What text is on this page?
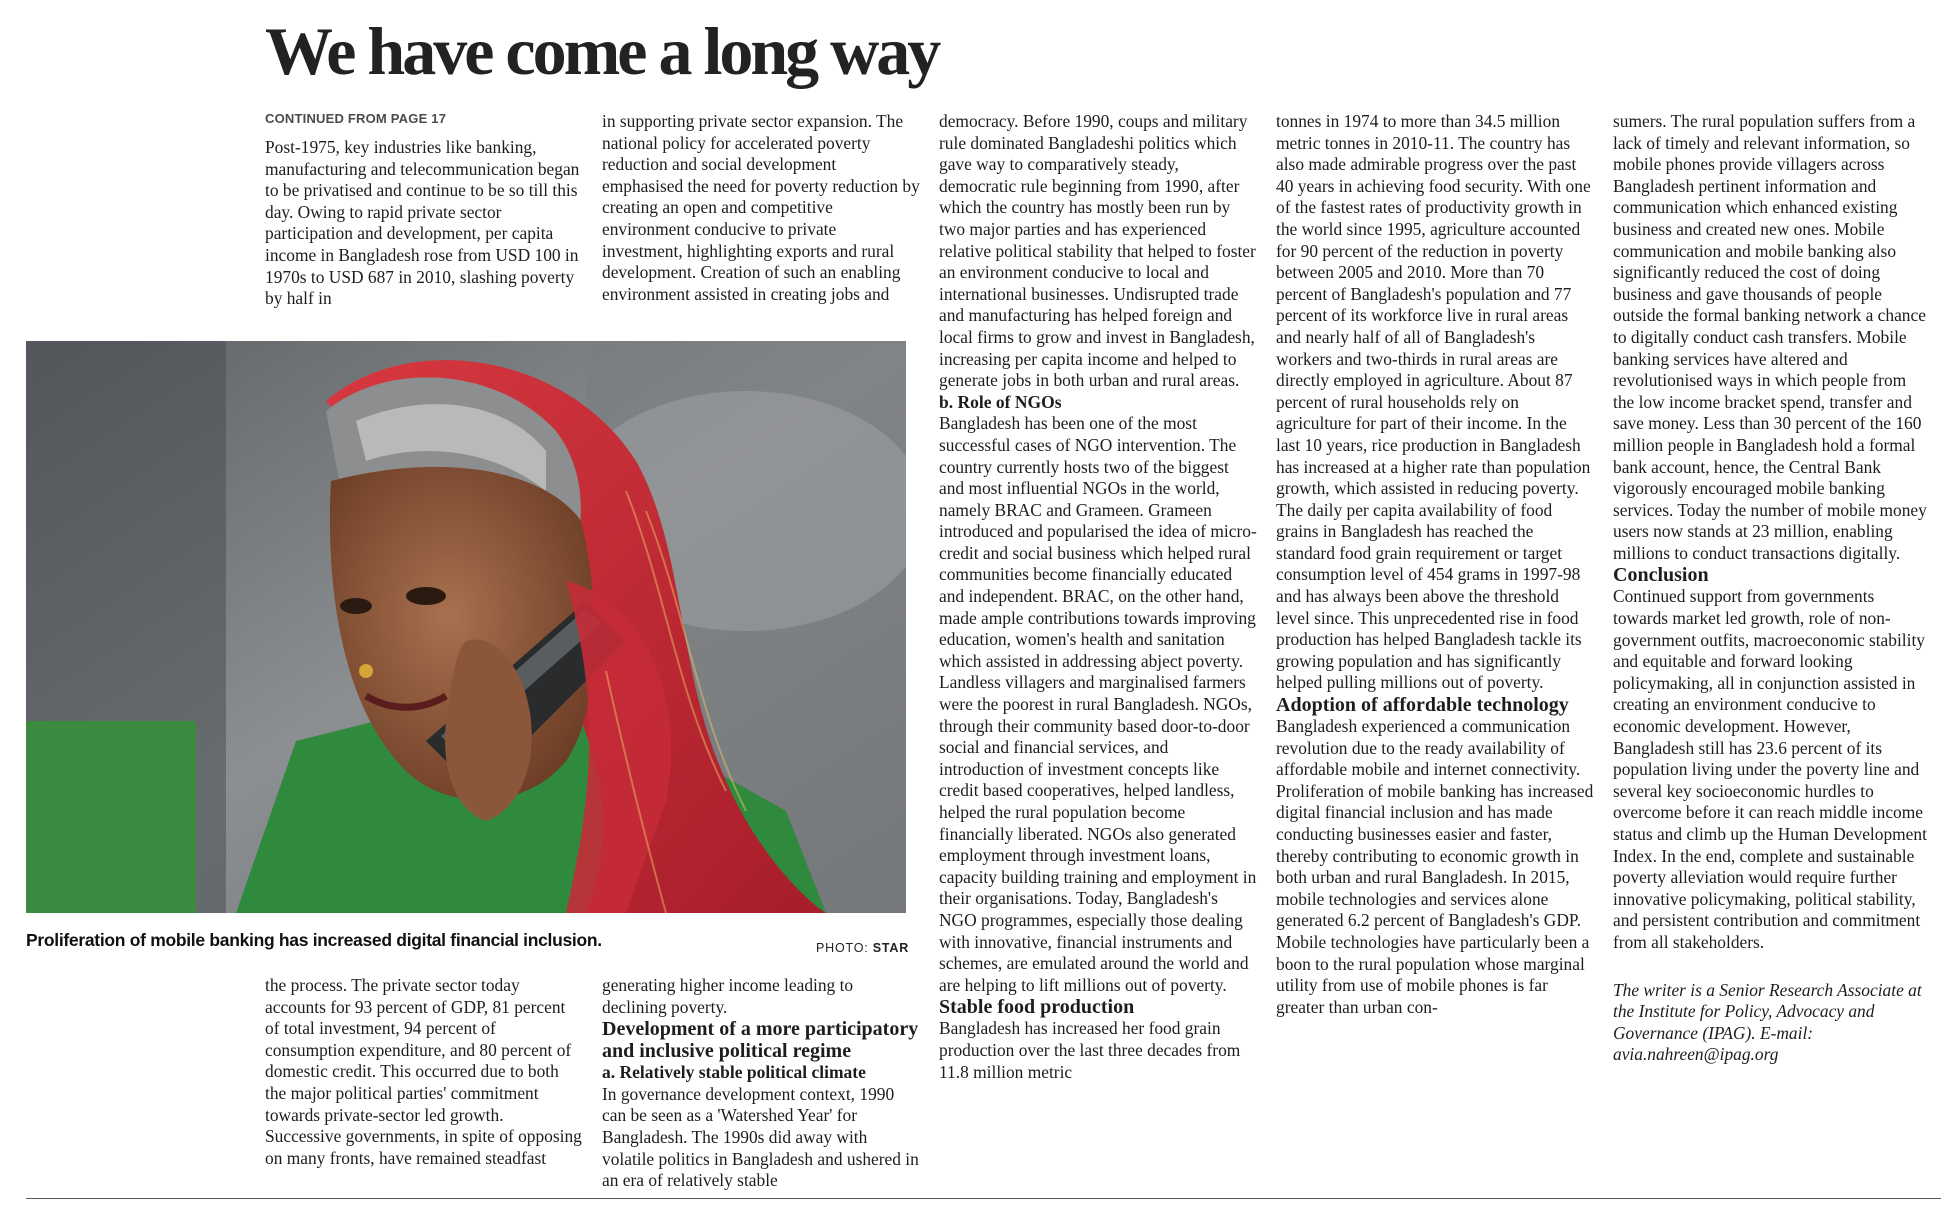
We have come a long way

CONTINUED FROM PAGE 17

Post-1975, key industries like banking, manufacturing and telecommunication began to be privatised and continue to be so till this day. Owing to rapid private sector participation and development, per capita income in Bangladesh rose from USD 100 in 1970s to USD 687 in 2010, slashing poverty by half in

in supporting private sector expansion. The national policy for accelerated poverty reduction and social development emphasised the need for poverty reduction by creating an open and competitive environment conducive to private investment, highlighting exports and rural development. Creation of such an enabling environment assisted in creating jobs and

Proliferation of mobile banking has increased digital financial inclusion.	PHOTO: STAR

the process. The private sector today accounts for 93 percent of GDP, 81 percent of total investment, 94 percent of consumption expenditure, and 80 percent of domestic credit. This occurred due to both the major political parties' commitment towards private-sector led growth. Successive governments, in spite of opposing on many fronts, have remained steadfast

generating higher income leading to declining poverty.

Development of a more participatory and inclusive political regime

a. Relatively stable political climate

In governance development context, 1990 can be seen as a 'Watershed Year' for Bangladesh. The 1990s did away with volatile politics in Bangladesh and ushered in an era of relatively stable

democracy. Before 1990, coups and military rule dominated Bangladeshi politics which gave way to comparatively steady, democratic rule beginning from 1990, after which the country has mostly been run by two major parties and has experienced relative political stability that helped to foster an environment conducive to local and international businesses. Undisrupted trade and manufacturing has helped foreign and local firms to grow and invest in Bangladesh, increasing per capita income and helped to generate jobs in both urban and rural areas.

b. Role of NGOs

Bangladesh has been one of the most successful cases of NGO intervention. The country currently hosts two of the biggest and most influential NGOs in the world, namely BRAC and Grameen. Grameen introduced and popularised the idea of micro-credit and social business which helped rural communities become financially educated and independent. BRAC, on the other hand, made ample contributions towards improving education, women's health and sanitation which assisted in addressing abject poverty. Landless villagers and marginalised farmers were the poorest in rural Bangladesh. NGOs, through their community based door-to-door social and financial services, and introduction of investment concepts like credit based cooperatives, helped landless, helped the rural population become financially liberated. NGOs also generated employment through investment loans, capacity building training and employment in their organisations. Today, Bangladesh's NGO programmes, especially those dealing with innovative, financial instruments and schemes, are emulated around the world and are helping to lift millions out of poverty.

Stable food production

Bangladesh has increased her food grain production over the last three decades from 11.8 million metric

tonnes in 1974 to more than 34.5 million metric tonnes in 2010-11. The country has also made admirable progress over the past 40 years in achieving food security. With one of the fastest rates of productivity growth in the world since 1995, agriculture accounted for 90 percent of the reduction in poverty between 2005 and 2010. More than 70 percent of Bangladesh's population and 77 percent of its workforce live in rural areas and nearly half of all of Bangladesh's workers and two-thirds in rural areas are directly employed in agriculture. About 87 percent of rural households rely on agriculture for part of their income. In the last 10 years, rice production in Bangladesh has increased at a higher rate than population growth, which assisted in reducing poverty. The daily per capita availability of food grains in Bangladesh has reached the standard food grain requirement or target consumption level of 454 grams in 1997-98 and has always been above the threshold level since. This unprecedented rise in food production has helped Bangladesh tackle its growing population and has significantly helped pulling millions out of poverty.

Adoption of affordable technology

Bangladesh experienced a communication revolution due to the ready availability of affordable mobile and internet connectivity. Proliferation of mobile banking has increased digital financial inclusion and has made conducting businesses easier and faster, thereby contributing to economic growth in both urban and rural Bangladesh. In 2015, mobile technologies and services alone generated 6.2 percent of Bangladesh's GDP. Mobile technologies have particularly been a boon to the rural population whose marginal utility from use of mobile phones is far greater than urban con-

sumers. The rural population suffers from a lack of timely and relevant information, so mobile phones provide villagers across Bangladesh pertinent information and communication which enhanced existing business and created new ones. Mobile communication and mobile banking also significantly reduced the cost of doing business and gave thousands of people outside the formal banking network a chance to digitally conduct cash transfers. Mobile banking services have altered and revolutionised ways in which people from the low income bracket spend, transfer and save money. Less than 30 percent of the 160 million people in Bangladesh hold a formal bank account, hence, the Central Bank vigorously encouraged mobile banking services. Today the number of mobile money users now stands at 23 million, enabling millions to conduct transactions digitally.

Conclusion

Continued support from governments towards market led growth, role of non-government outfits, macroeconomic stability and equitable and forward looking policymaking, all in conjunction assisted in creating an environment conducive to economic development. However, Bangladesh still has 23.6 percent of its population living under the poverty line and several key socioeconomic hurdles to overcome before it can reach middle income status and climb up the Human Development Index. In the end, complete and sustainable poverty alleviation would require further innovative policymaking, political stability, and persistent contribution and commitment from all stakeholders.

The writer is a Senior Research Associate at the Institute for Policy, Advocacy and Governance (IPAG). E-mail: avia.nahreen@ipag.org
